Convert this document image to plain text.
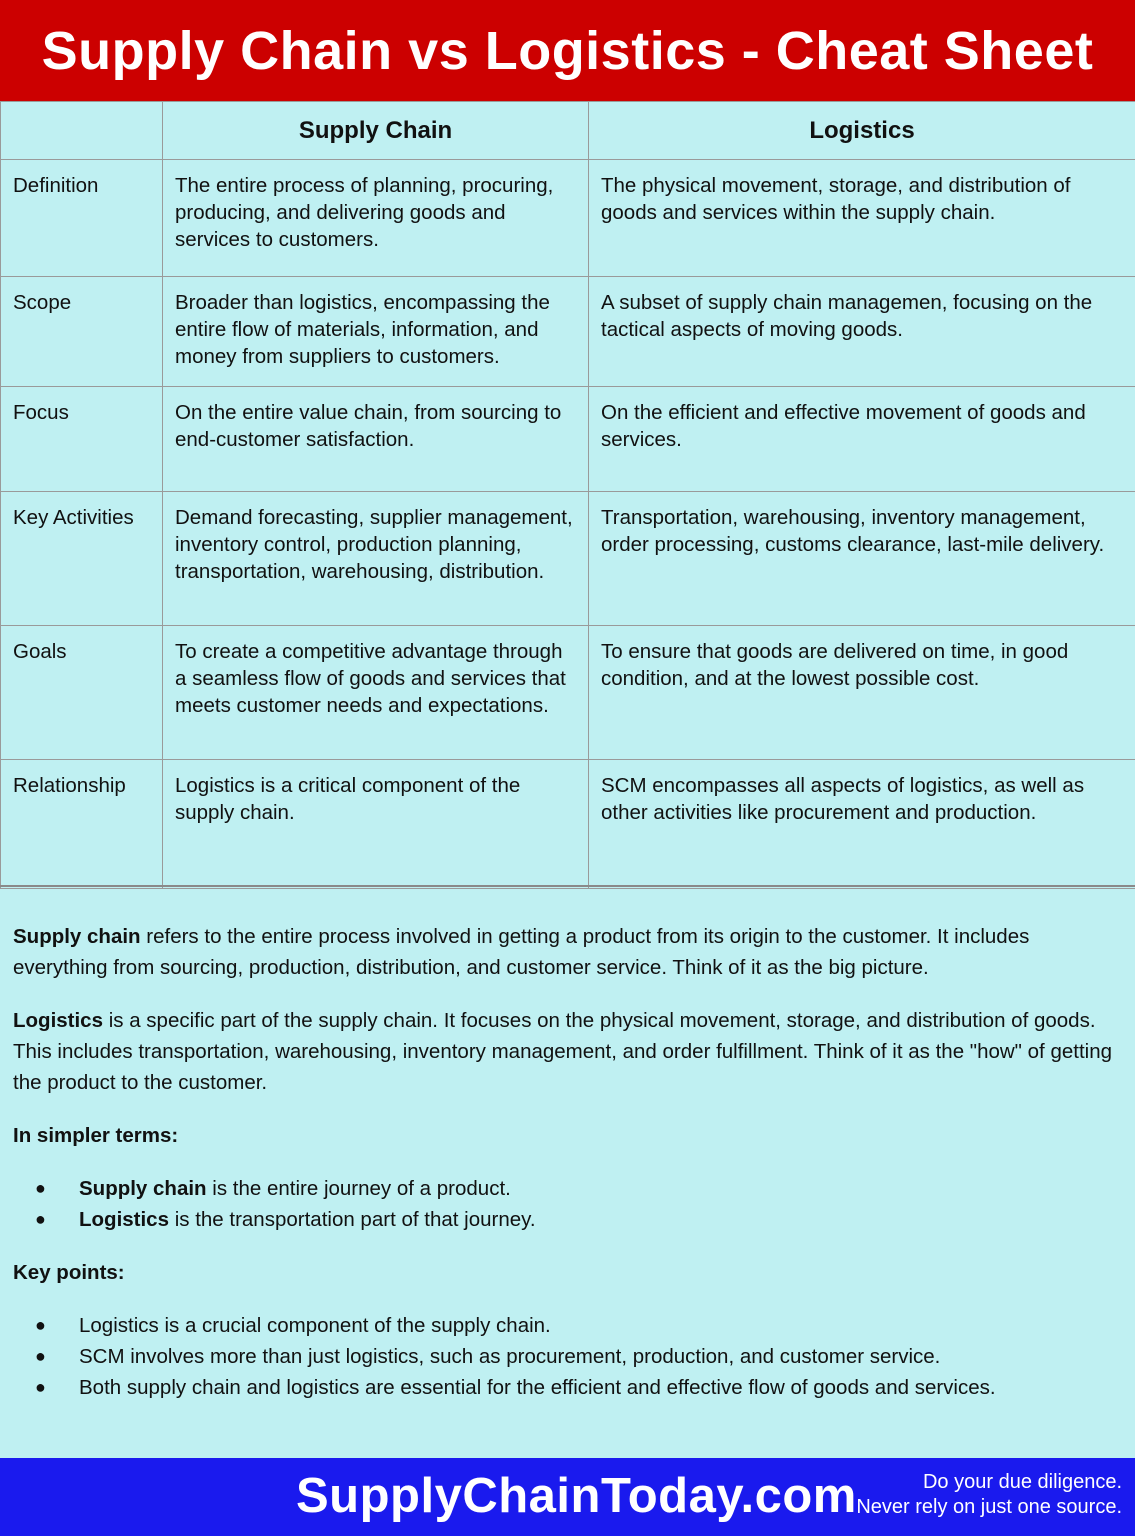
Supply Chain vs Logistics - Cheat Sheet
	Supply Chain	Logistics
Definition	The entire process of planning, procuring, producing, and delivering goods and services to customers.	The physical movement, storage, and distribution of goods and services within the supply chain.
Scope	Broader than logistics, encompassing the entire flow of materials, information, and money from suppliers to customers.	A subset of supply chain managemen, focusing on the tactical aspects of moving goods.
Focus	On the entire value chain, from sourcing to end-customer satisfaction.	On the efficient and effective movement of goods and services.
Key Activities	Demand forecasting, supplier management, inventory control, production planning, transportation, warehousing, distribution.	Transportation, warehousing, inventory management, order processing, customs clearance, last-mile delivery.
Goals	To create a competitive advantage through a seamless flow of goods and services that meets customer needs and expectations.	To ensure that goods are delivered on time, in good condition, and at the lowest possible cost.
Relationship	Logistics is a critical component of the supply chain.	SCM encompasses all aspects of logistics, as well as other activities like procurement and production.

Supply chain refers to the entire process involved in getting a product from its origin to the customer. It includes everything from sourcing, production, distribution, and customer service. Think of it as the big picture.

Logistics is a specific part of the supply chain. It focuses on the physical movement, storage, and distribution of goods. This includes transportation, warehousing, inventory management, and order fulfillment. Think of it as the "how" of getting the product to the customer.

In simpler terms:
● Supply chain is the entire journey of a product.
● Logistics is the transportation part of that journey.
Key points:
● Logistics is a crucial component of the supply chain.
● SCM involves more than just logistics, such as procurement, production, and customer service.
● Both supply chain and logistics are essential for the efficient and effective flow of goods and services.
SupplyChainToday.com	Do your due diligence.
Never rely on just one source.
